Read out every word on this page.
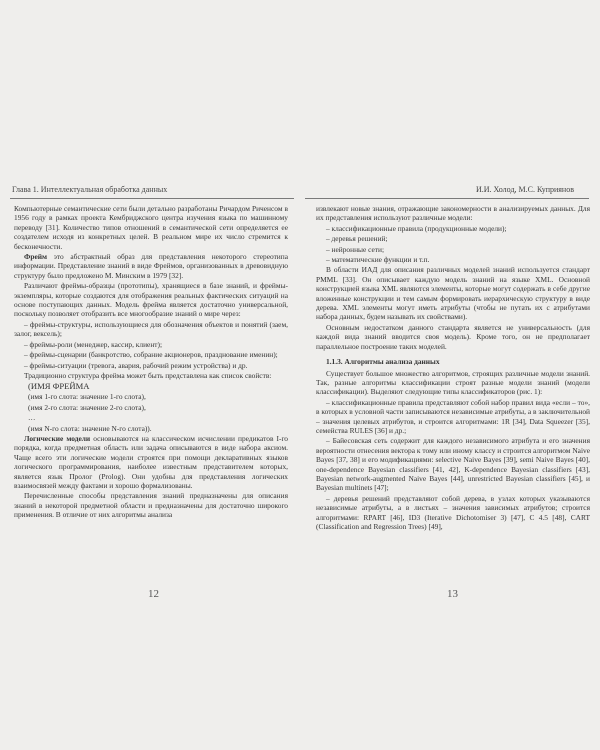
Глава 1. Интеллектуальная обработка данных	И.И. Холод, М.С. Куприянов

Компьютерные семантические сети были детально разработаны Ричардом Риченсом в 1956 году в рамках проекта Кембриджского центра изучения языка по машинному переводу [31]. Количество типов отношений в семантической сети определяется ее создателем исходя из конкретных целей. В реальном мире их число стремится к бесконечности.

Фрейм это абстрактный образ для представления некоторого стереотипа информации. Представление знаний в виде Фреймов, организованных в древовидную структуру было предложено М. Минским в 1979 [32].

Различают фреймы-образцы (прототипы), хранящиеся в базе знаний, и фреймы-экземпляры, которые создаются для отображения реальных фактических ситуаций на основе поступающих данных. Модель фрейма является достаточно универсальной, поскольку позволяет отобразить все многообразие знаний о мире через:

– фреймы-структуры, использующиеся для обозначения объектов и понятий (заем, залог, вексель);

– фреймы-роли (менеджер, кассир, клиент);

– фреймы-сценарии (банкротство, собрание акционеров, празднование именин);

– фреймы-ситуации (тревога, авария, рабочий режим устройства) и др.

Традиционно структура фрейма может быть представлена как список свойств:

(ИМЯ ФРЕЙМА
(имя 1-го слота: значение 1-го слота),
(имя 2-го слота: значение 2-го слота),
…
(имя N-го слота: значение N-го слота)).

Логические модели основываются на классическом исчислении предикатов I-го порядка, когда предметная область или задача описываются в виде набора аксиом. Чаще всего эти логические модели строятся при помощи декларативных языков логического программирования, наиболее известным представителем которых, является язык Пролог (Prolog). Они удобны для представления логических взаимосвязей между фактами и хорошо формализованы.

Перечисленные способы представления знаний предназначены для описания знаний в некоторой предметной области и предназначены для достаточно широкого применения. В отличие от них алгоритмы анализа

извлекают новые знания, отражающие закономерности в анализируемых данных. Для их представления используют различные модели:

– классификационные правила (продукционные модели);

– деревья решений;

– нейронные сети;

– математические функции и т.п.

В области ИАД для описания различных моделей знаний используется стандарт PMML [33]. Он описывает каждую модель знаний на языке XML. Основной конструкцией языка XML являются элементы, которые могут содержать в себе другие вложенные конструкции и тем самым формировать иерархическую структуру в виде дерева. XML элементы могут иметь атрибуты (чтобы не путать их с атрибутами набора данных, будем называть их свойствами).

Основным недостатком данного стандарта является не универсальность (для каждой вида знаний вводится своя модель). Кроме того, он не предполагает параллельное построение таких моделей.

1.1.3. Алгоритмы анализа данных

Существует большое множество алгоритмов, строящих различные модели знаний. Так, разные алгоритмы классификации строят разные модели знаний (модели классификации). Выделяют следующие типы классификаторов (рис. 1):

– классификационные правила представляют собой набор правил вида «если – то», в которых в условной части записываются независимые атрибуты, а в заключительной – значения целевых атрибутов, и строится алгоритмами: 1R [34], Data Squeezer [35], семейства RULES [36] и др.;

– Байесовская сеть содержит для каждого независимого атрибута и его значения вероятности отнесения вектора к тому или иному классу и строится алгоритмом Naive Bayes [37, 38] и его модификациями: selective Naive Bayes [39], semi Naive Bayes [40], one-dependence Bayesian classifiers [41, 42], K-dependence Bayesian classifiers [43], Bayesian network-augmented Naive Bayes [44], unrestricted Bayesian classifiers [45], и Bayesian multinets [47];

– деревья решений представляют собой дерева, в узлах которых указываются независимые атрибуты, а в листьях – значения зависимых атрибутов; строится алгоритмами: RPART [46], ID3 (Iterative Dichotomiser 3) [47], C 4.5 [48], CART (Classification and Regression Trees) [49],

12	13
